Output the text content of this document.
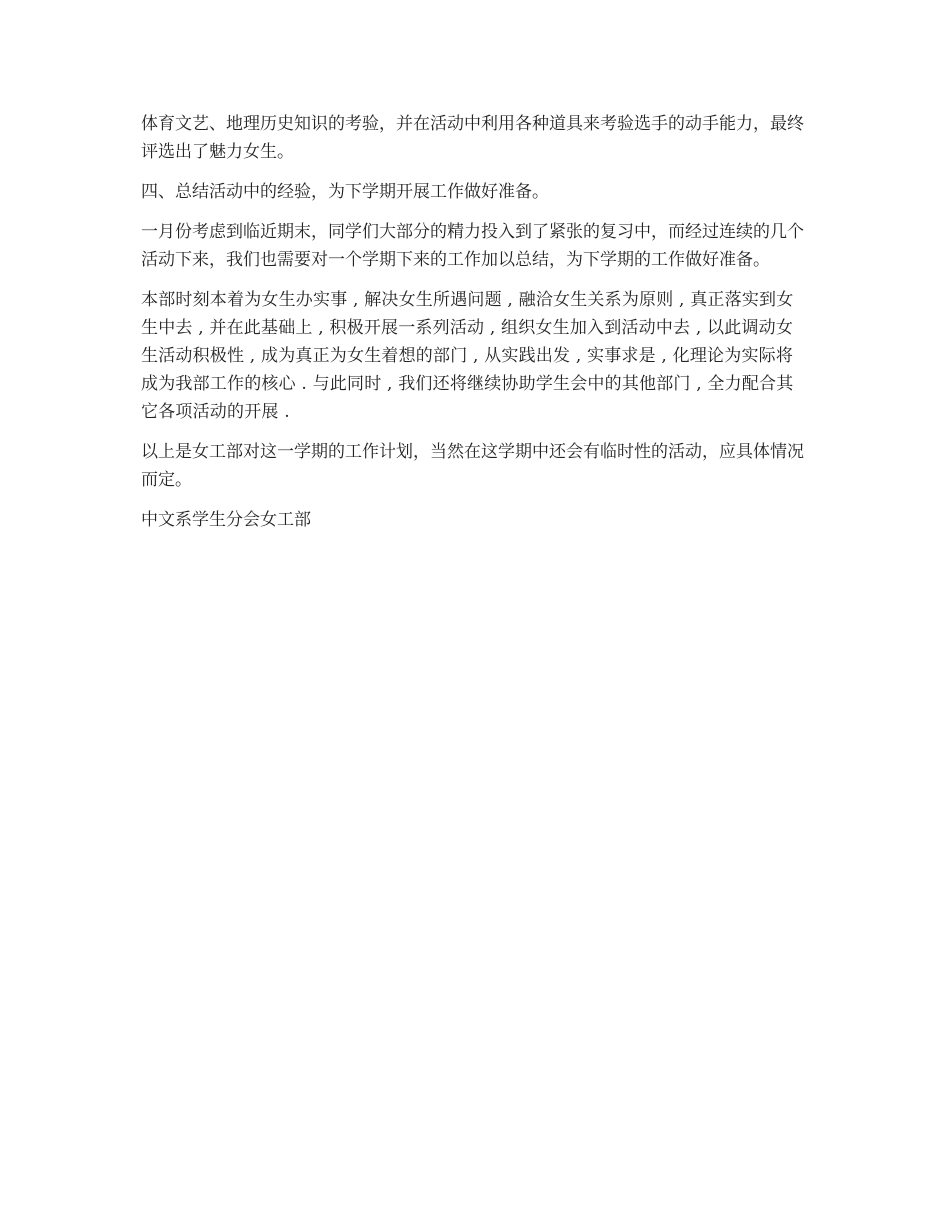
体育文艺、地理历史知识的考验，并在活动中利用各种道具来考验选手的动手能力，最终评选出了魅力女生。

四、总结活动中的经验，为下学期开展工作做好准备。

一月份考虑到临近期末，同学们大部分的精力投入到了紧张的复习中，而经过连续的几个活动下来，我们也需要对一个学期下来的工作加以总结，为下学期的工作做好准备。

本部时刻本着为女生办实事 , 解决女生所遇问题 , 融洽女生关系为原则 , 真正落实到女生中去 , 并在此基础上 , 积极开展一系列活动 , 组织女生加入到活动中去 , 以此调动女生活动积极性 , 成为真正为女生着想的部门 , 从实践出发 , 实事求是 , 化理论为实际将成为我部工作的核心 . 与此同时 , 我们还将继续协助学生会中的其他部门 , 全力配合其它各项活动的开展 .

以上是女工部对这一学期的工作计划，当然在这学期中还会有临时性的活动，应具体情况而定。

中文系学生分会女工部
